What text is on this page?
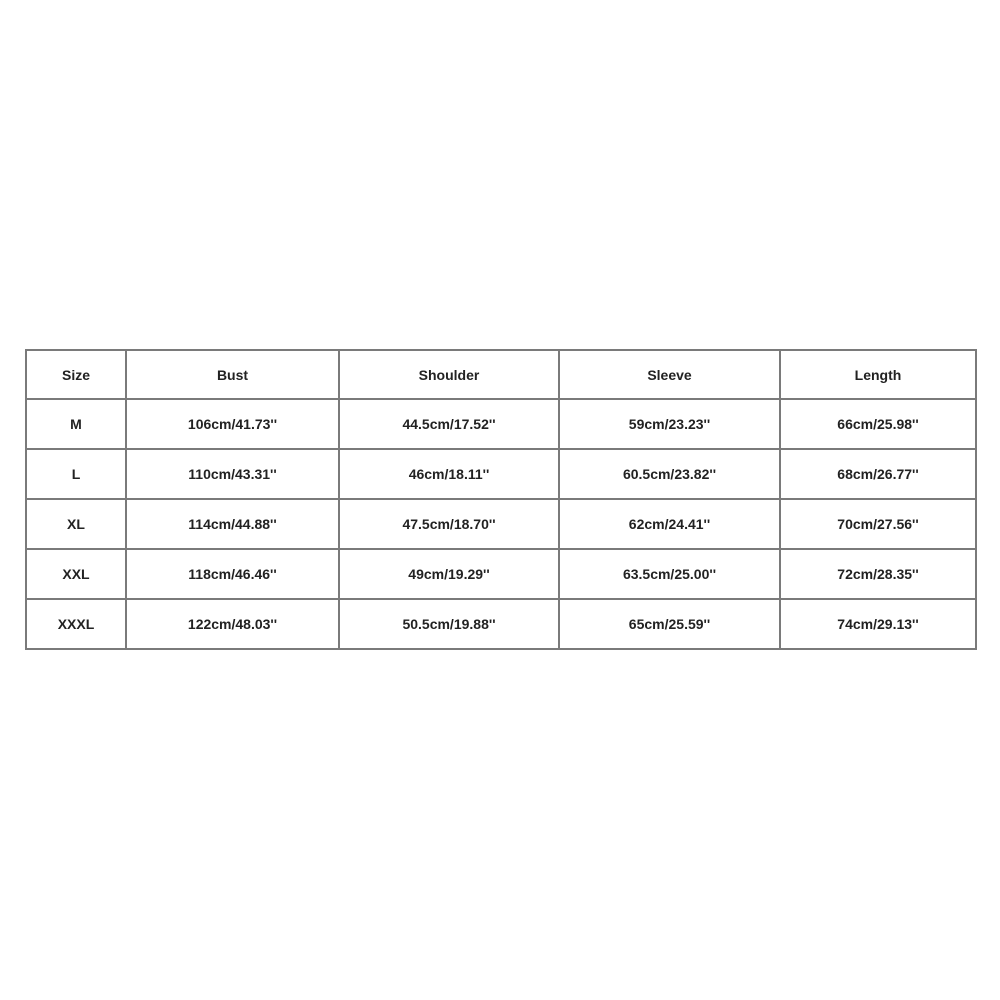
Size	Bust	Shoulder	Sleeve	Length
M	106cm/41.73''	44.5cm/17.52''	59cm/23.23''	66cm/25.98''
L	110cm/43.31''	46cm/18.11''	60.5cm/23.82''	68cm/26.77''
XL	114cm/44.88''	47.5cm/18.70''	62cm/24.41''	70cm/27.56''
XXL	118cm/46.46''	49cm/19.29''	63.5cm/25.00''	72cm/28.35''
XXXL	122cm/48.03''	50.5cm/19.88''	65cm/25.59''	74cm/29.13''
